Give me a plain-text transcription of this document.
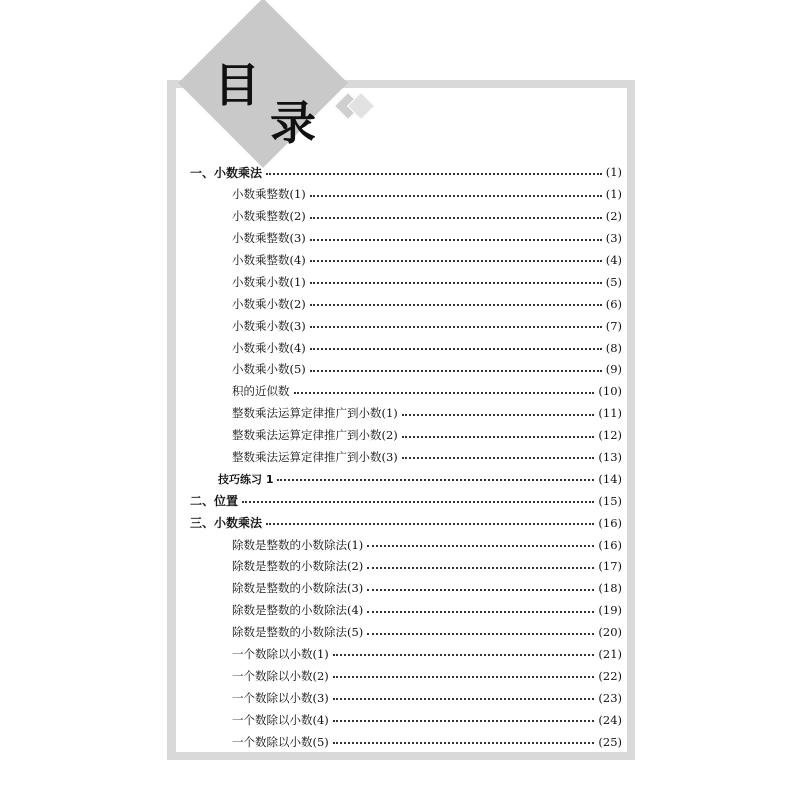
目
录
一、小数乘法	(1)
小数乘整数(1)	(1)
小数乘整数(2)	(2)
小数乘整数(3)	(3)
小数乘整数(4)	(4)
小数乘小数(1)	(5)
小数乘小数(2)	(6)
小数乘小数(3)	(7)
小数乘小数(4)	(8)
小数乘小数(5)	(9)
积的近似数	(10)
整数乘法运算定律推广到小数(1)	(11)
整数乘法运算定律推广到小数(2)	(12)
整数乘法运算定律推广到小数(3)	(13)
技巧练习 1	(14)
二、位置	(15)
三、小数乘法	(16)
除数是整数的小数除法(1)	(16)
除数是整数的小数除法(2)	(17)
除数是整数的小数除法(3)	(18)
除数是整数的小数除法(4)	(19)
除数是整数的小数除法(5)	(20)
一个数除以小数(1)	(21)
一个数除以小数(2)	(22)
一个数除以小数(3)	(23)
一个数除以小数(4)	(24)
一个数除以小数(5)	(25)
